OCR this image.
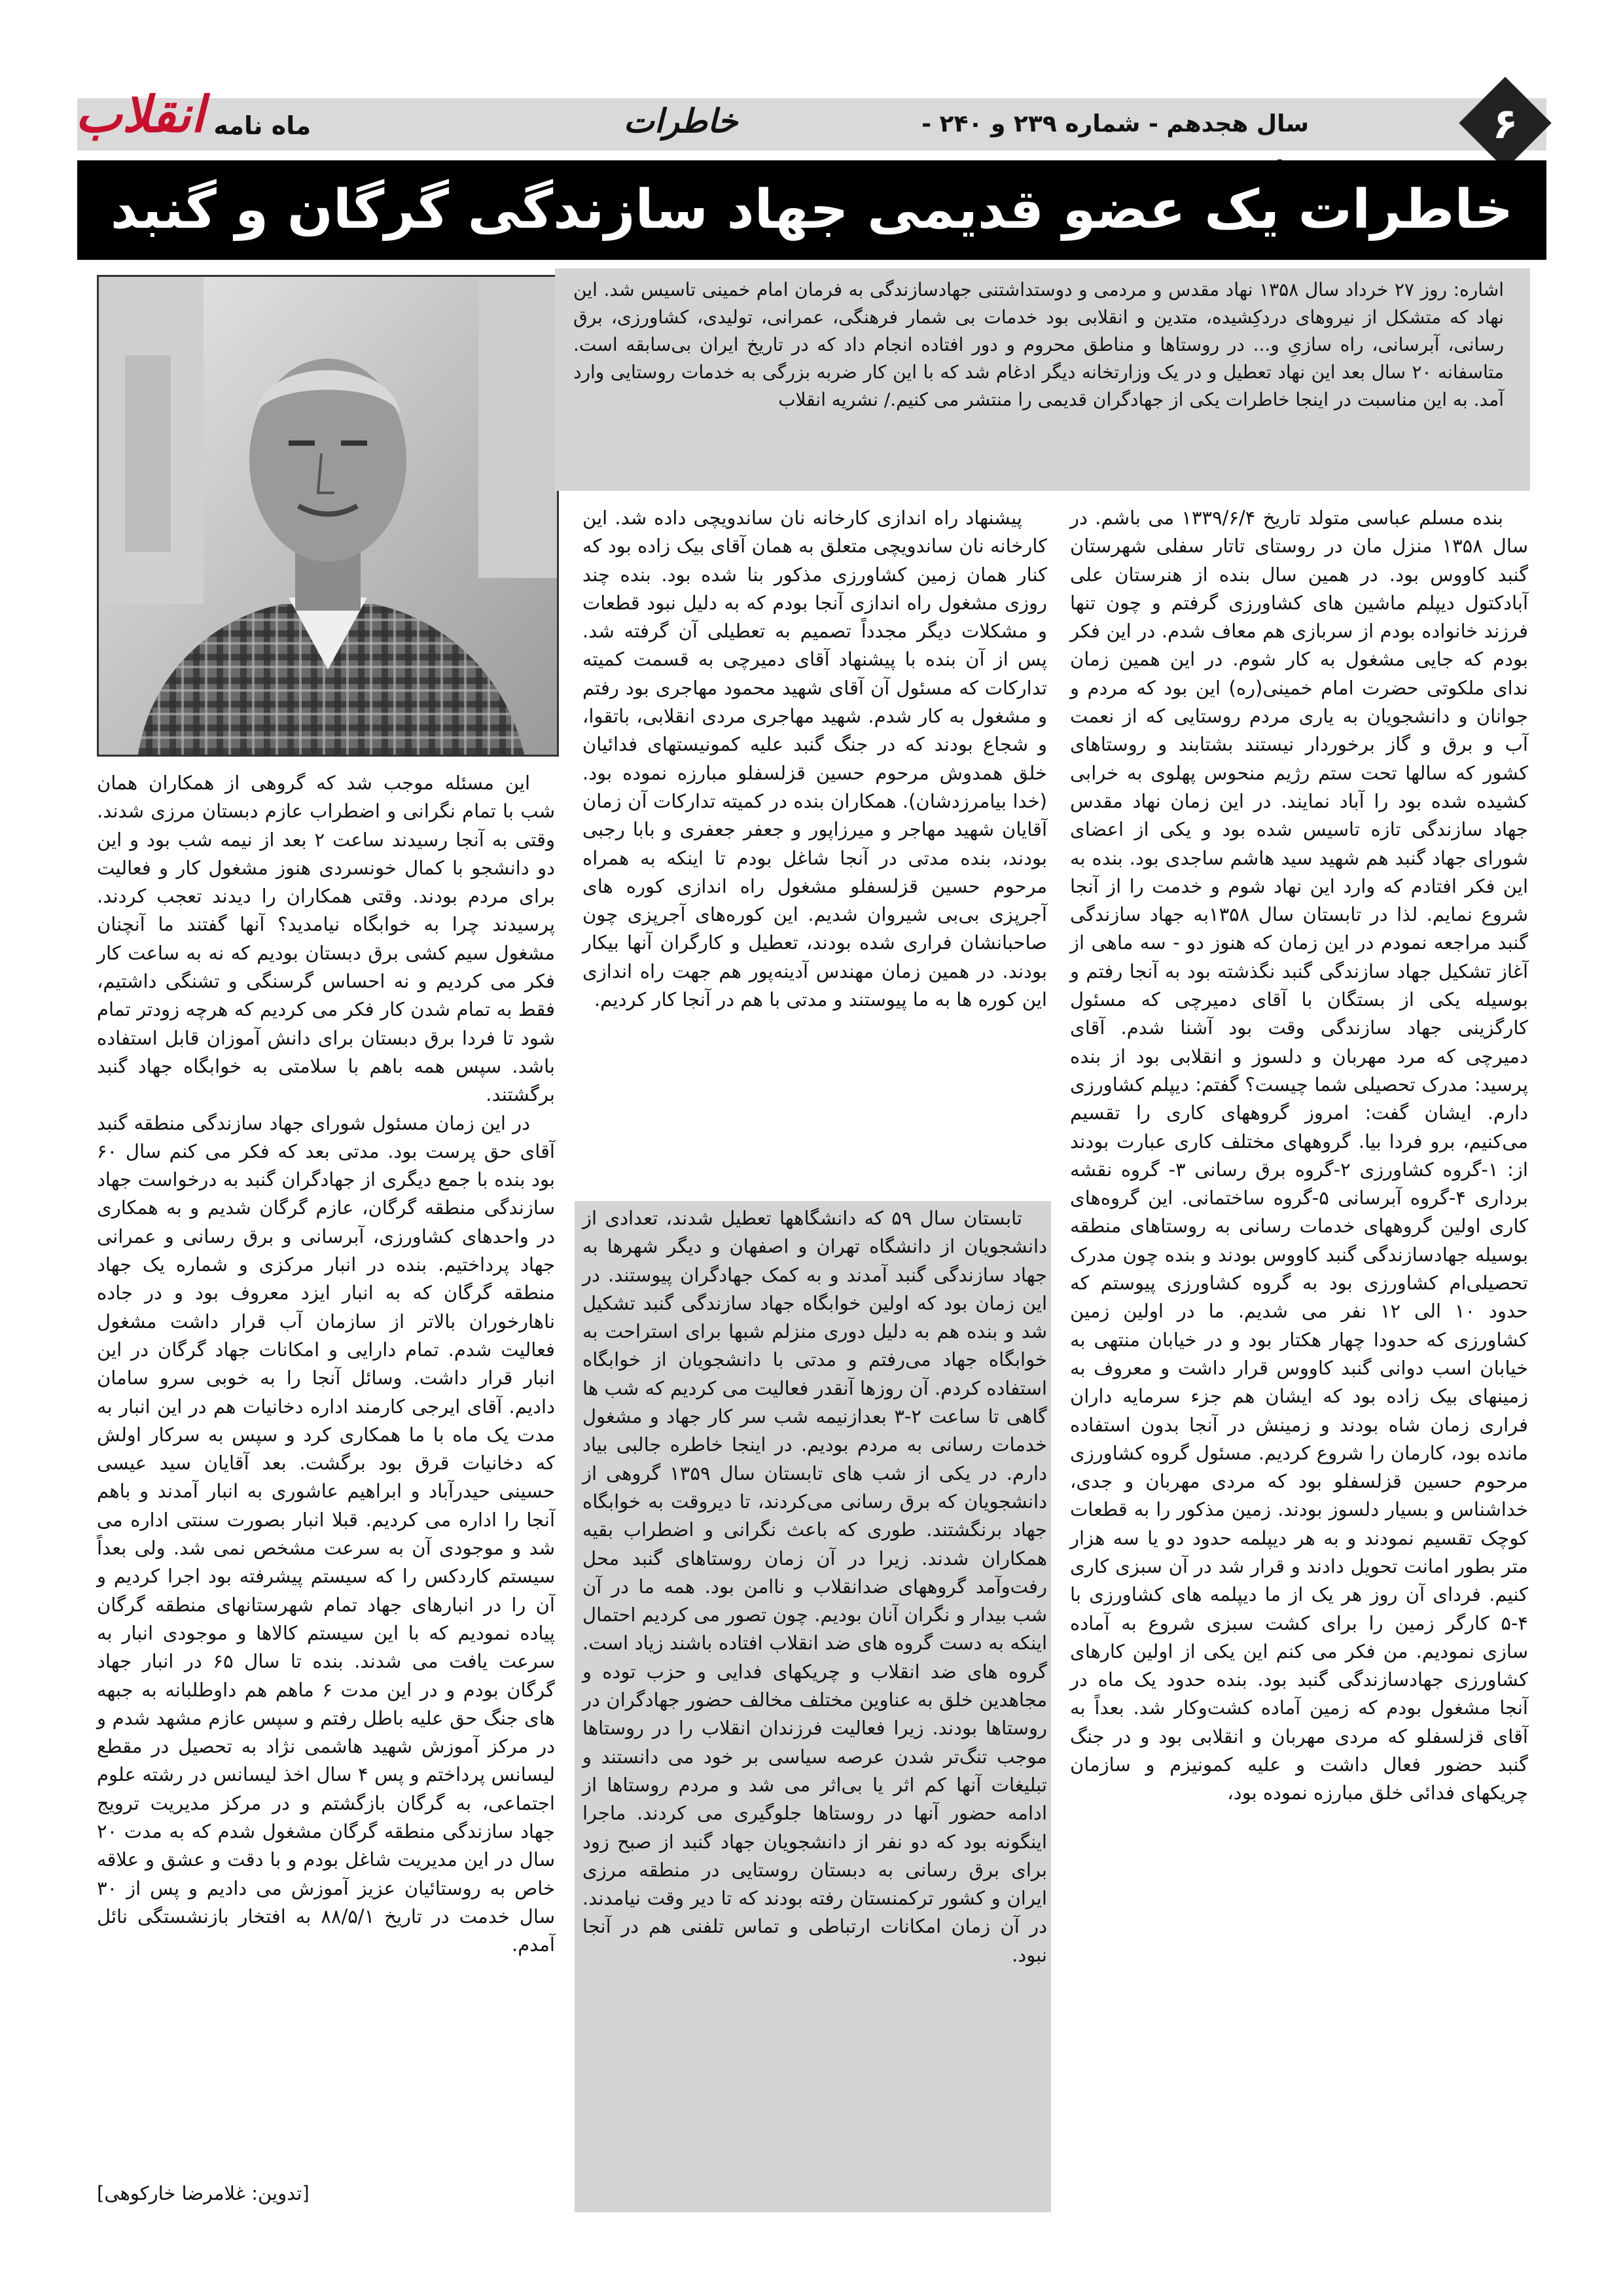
۶
سال هجدهم - شماره ۲۳۹ و ۲۴۰ -
خاطرات
ماه نامه
انقلاب
خاطرات یک عضو قدیمی جهاد سازندگی گرگان و گنبد

اشاره: روز ۲۷ خرداد سال ۱۳۵۸ نهاد مقدس و مردمی و دوستداشتنی جهادسازندگی به فرمان امام خمینی تاسیس شد. این نهاد که متشکل از نیروهای دردکِشیده، متدین و انقلابی بود خدمات بی شمار فرهنگی، عمرانی، تولیدی، کشاورزی، برق رسانی، آبرسانی، راه سازیِ و... در روستاها و مناطق محروم و دور افتاده انجام داد که در تاریخ ایران بی‌سابقه است. متاسفانه ۲۰ سال بعد این نهاد تعطیل و در یک وزارتخانه دیگر ادغام شد که با این کار ضربه بزرگی به خدمات روستایی وارد آمد. به این مناسبت در اینجا خاطرات یکی از جهادگران قدیمی را منتشر می کنیم./ نشریه انقلاب

بنده مسلم عباسی متولد تاریخ ۱۳۳۹/۶/۴ می باشم. در سال ۱۳۵۸ منزل مان در روستای تاتار سفلی شهرستان گنبد کاووس بود. در همین سال بنده از هنرستان علی آبادکتول دیپلم ماشین های کشاورزی گرفتم و چون تنها فرزند خانواده بودم از سربازی هم معاف شدم. در این فکر بودم که جایی مشغول به کار شوم. در این همین زمان ندای ملکوتی حضرت امام خمینی(ره) این بود که مردم و جوانان و دانشجویان به یاری مردم روستایی که از نعمت آب و برق و گاز برخوردار نیستند بشتابند و روستاهای کشور که سالها تحت ستم رژیم منحوس پهلوی به خرابی کشیده شده بود را آباد نمایند. در این زمان نهاد مقدس جهاد سازندگی تازه تاسیس شده بود و یکی از اعضای شورای جهاد گنبد هم شهید سید هاشم ساجدی بود. بنده به این فکر افتادم که وارد این نهاد شوم و خدمت را از آنجا شروع نمایم. لذا در تابستان سال ۱۳۵۸به جهاد سازندگی گنبد مراجعه نمودم در این زمان که هنوز دو - سه ماهی از آغاز تشکیل جهاد سازندگی گنبد نگذشته بود به آنجا رفتم و بوسیله یکی از بستگان با آقای دمیرچی که مسئول کارگزینی جهاد سازندگی وقت بود آشنا شدم. آقای دمیرچی که مرد مهربان و دلسوز و انقلابی بود از بنده پرسید: مدرک تحصیلی شما چیست؟ گفتم: دیپلم کشاورزی دارم. ایشان گفت: امروز گروههای کاری را تقسیم می‌کنیم، برو فردا بیا. گروههای مختلف کاری عبارت بودند از: ۱-گروه کشاورزی ۲-گروه برق رسانی ۳- گروه نقشه برداری ۴-گروه آبرسانی ۵-گروه ساختمانی. این گروه‌های کاری اولین گروههای خدمات رسانی به روستاهای منطقه بوسیله جهادسازندگی گنبد کاووس بودند و بنده چون مدرک تحصیلی‌ام کشاورزی بود به گروه کشاورزی پیوستم که حدود ۱۰ الی ۱۲ نفر می شدیم. ما در اولین زمین کشاورزی که حدودا چهار هکتار بود و در خیابان منتهی به خیابان اسب دوانی گنبد کاووس قرار داشت و معروف به زمینهای بیک زاده بود که ایشان هم جزء سرمایه داران فراری زمان شاه بودند و زمینش در آنجا بدون استفاده مانده بود، کارمان را شروع کردیم. مسئول گروه کشاورزی مرحوم حسین قزلسفلو بود که مردی مهربان و جدی، خداشناس و بسیار دلسوز بودند. زمین مذکور را به قطعات کوچک تقسیم نمودند و به هر دیپلمه حدود دو یا سه هزار متر بطور امانت تحویل دادند و قرار شد در آن سبزی کاری کنیم. فردای آن روز هر یک از ما دیپلمه های کشاورزی با ۴-۵ کارگر زمین را برای کشت سبزی شروع به آماده سازی نمودیم. من فکر می کنم این یکی از اولین کارهای کشاورزی جهادسازندگی گنبد بود. بنده حدود یک ماه در آنجا مشغول بودم که زمین آماده کشت‌وکار شد. بعداً به آقای قزلسفلو که مردی مهربان و انقلابی بود و در جنگ گنبد حضور فعال داشت و علیه کمونیزم و سازمان چریکهای فدائی خلق مبارزه نموده بود،

پیشنهاد راه اندازی کارخانه نان ساندویچی داده شد. این کارخانه نان ساندویچی متعلق به همان آقای بیک زاده بود که کنار همان زمین کشاورزی مذکور بنا شده بود. بنده چند روزی مشغول راه اندازی آنجا بودم که به دلیل نبود قطعات و مشکلات دیگر مجدداً تصمیم به تعطیلی آن گرفته شد. پس از آن بنده با پیشنهاد آقای دمیرچی به قسمت کمیته تدارکات که مسئول آن آقای شهید محمود مهاجری بود رفتم و مشغول به کار شدم. شهید مهاجری مردی انقلابی، باتقوا، و شجاع بودند که در جنگ گنبد علیه کمونیستهای فدائیان خلق همدوش مرحوم حسین قزلسفلو مبارزه نموده بود. (خدا بیامرزدشان). همکاران بنده در کمیته تدارکات آن زمان آقایان شهید مهاجر و میرزاپور و جعفر جعفری و بابا رجبی بودند، بنده مدتی در آنجا شاغل بودم تا اینکه به همراه مرحوم حسین قزلسفلو مشغول راه اندازی کوره های آجرپزی بی‌بی شیروان شدیم. این کوره‌های آجرپزی چون صاحبانشان فراری شده بودند، تعطیل و کارگران آنها بیکار بودند. در همین زمان مهندس آدینه‌پور هم جهت راه اندازی این کوره ها به ما پیوستند و مدتی با هم در آنجا کار کردیم.

تابستان سال ۵۹ که دانشگاهها تعطیل شدند، تعدادی از دانشجویان از دانشگاه تهران و اصفهان و دیگر شهرها به جهاد سازندگی گنبد آمدند و به کمک جهادگران پیوستند. در این زمان بود که اولین خوابگاه جهاد سازندگی گنبد تشکیل شد و بنده هم به دلیل دوری منزلم شبها برای استراحت به خوابگاه جهاد می‌رفتم و مدتی با دانشجویان از خوابگاه استفاده کردم. آن روزها آنقدر فعالیت می کردیم که شب ها گاهی تا ساعت ۲-۳ بعدازنیمه شب سر کار جهاد و مشغول خدمات رسانی به مردم بودیم. در اینجا خاطره جالبی بیاد دارم. در یکی از شب های تابستان سال ۱۳۵۹ گروهی از دانشجویان که برق رسانی می‌کردند، تا دیروقت به خوابگاه جهاد برنگشتند. طوری که باعث نگرانی و اضطراب بقیه همکاران شدند. زیرا در آن زمان روستاهای گنبد محل رفت‌وآمد گروههای ضدانقلاب و ناامن بود. همه ما در آن شب بیدار و نگران آنان بودیم. چون تصور می کردیم احتمال اینکه به دست گروه های ضد انقلاب افتاده باشند زیاد است. گروه های ضد انقلاب و چریکهای فدایی و حزب توده و مجاهدین خلق به عناوین مختلف مخالف حضور جهادگران در روستاها بودند. زیرا فعالیت فرزندان انقلاب را در روستاها موجب تنگ‌تر شدن عرصه سیاسی بر خود می دانستند و تبلیغات آنها کم اثر یا بی‌اثر می شد و مردم روستاها از ادامه حضور آنها در روستاها جلوگیری می کردند. ماجرا اینگونه بود که دو نفر از دانشجویان جهاد گنبد از صبح زود برای برق رسانی به دبستان روستایی در منطقه مرزی ایران و کشور ترکمنستان رفته بودند که تا دیر وقت نیامدند. در آن زمان امکانات ارتباطی و تماس تلفنی هم در آنجا نبود.

این مسئله موجب شد که گروهی از همکاران همان شب با تمام نگرانی و اضطراب عازم دبستان مرزی شدند. وقتی به آنجا رسیدند ساعت ۲ بعد از نیمه شب بود و این دو دانشجو با کمال خونسردی هنوز مشغول کار و فعالیت برای مردم بودند. وقتی همکاران را دیدند تعجب کردند. پرسیدند چرا به خوابگاه نیامدید؟ آنها گفتند ما آنچنان مشغول سیم کشی برق دبستان بودیم که نه به ساعت کار فکر می کردیم و نه احساس گرسنگی و تشنگی داشتیم، فقط به تمام شدن کار فکر می کردیم که هرچه زودتر تمام شود تا فردا برق دبستان برای دانش آموزان قابل استفاده باشد. سپس همه باهم با سلامتی به خوابگاه جهاد گنبد برگشتند.

در این زمان مسئول شورای جهاد سازندگی منطقه گنبد آقای حق پرست بود. مدتی بعد که فکر می کنم سال ۶۰ بود بنده با جمع دیگری از جهادگران گنبد به درخواست جهاد سازندگی منطقه گرگان، عازم گرگان شدیم و به همکاری در واحدهای کشاورزی، آبرسانی و برق رسانی و عمرانی جهاد پرداختیم. بنده در انبار مرکزی و شماره یک جهاد منطقه گرگان که به انبار ایزد معروف بود و در جاده ناهارخوران بالاتر از سازمان آب قرار داشت مشغول فعالیت شدم. تمام دارایی و امکانات جهاد گرگان در این انبار قرار داشت. وسائل آنجا را به خوبی سرو سامان دادیم. آقای ایرجی کارمند اداره دخانیات هم در این انبار به مدت یک ماه با ما همکاری کرد و سپس به سرکار اولش که دخانیات قرق بود برگشت. بعد آقایان سید عیسی حسینی حیدرآباد و ابراهیم عاشوری به انبار آمدند و باهم آنجا را اداره می کردیم. قبلا انبار بصورت سنتی اداره می شد و موجودی آن به سرعت مشخص نمی شد. ولی بعداً سیستم کاردکس را که سیستم پیشرفته بود اجرا کردیم و آن را در انبارهای جهاد تمام شهرستانهای منطقه گرگان پیاده نمودیم که با این سیستم کالاها و موجودی انبار به سرعت یافت می شدند. بنده تا سال ۶۵ در انبار جهاد گرگان بودم و در این مدت ۶ ماهم هم داوطلبانه به جبهه های جنگ حق علیه باطل رفتم و سپس عازم مشهد شدم و در مرکز آموزش شهید هاشمی نژاد به تحصیل در مقطع لیسانس پرداختم و پس ۴ سال اخذ لیسانس در رشته علوم اجتماعی، به گرگان بازگشتم و در مرکز مدیریت ترویج جهاد سازندگی منطقه گرگان مشغول شدم که به مدت ۲۰ سال در این مدیریت شاغل بودم و با دقت و عشق و علاقه خاص به روستائیان عزیز آموزش می دادیم و پس از ۳۰ سال خدمت در تاریخ ۸۸/۵/۱ به افتخار بازنشستگی نائل آمدم.

[تدوین: غلامرضا خارکوهی]
